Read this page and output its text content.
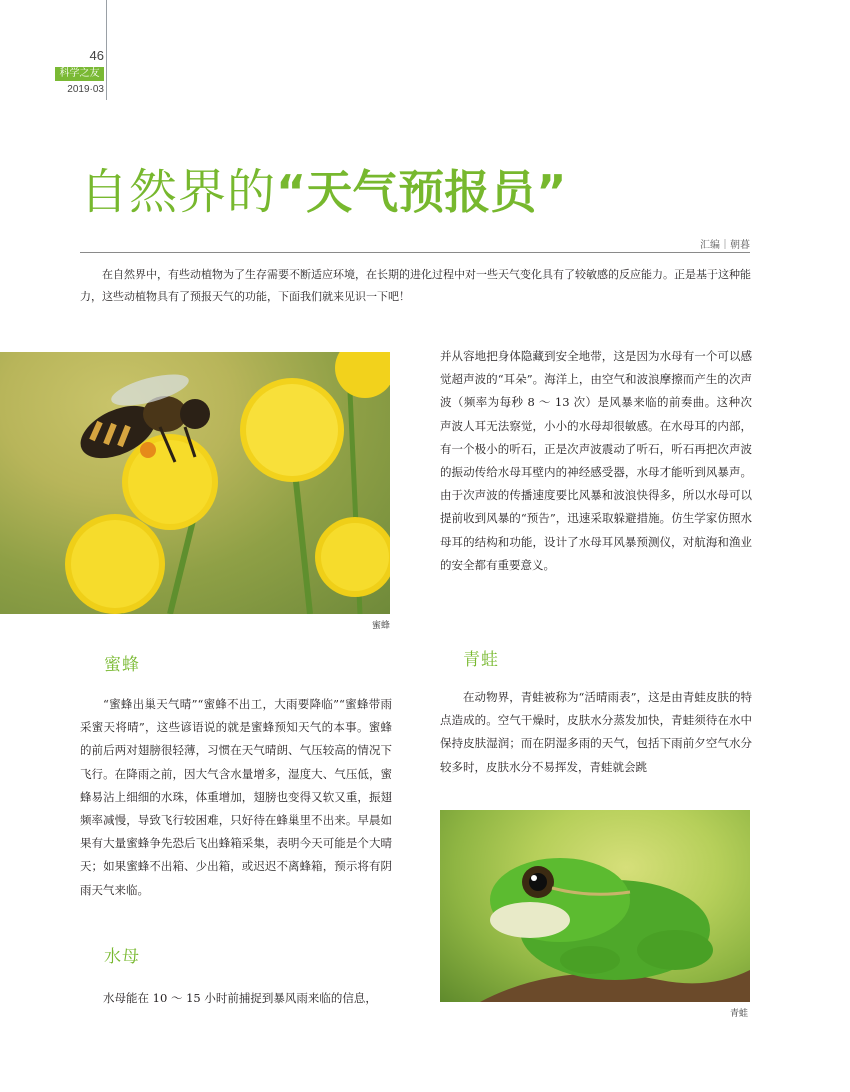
46
科学之友
2019·03
自然界的“天气预报员”
汇编｜朝暮

在自然界中，有些动植物为了生存需要不断适应环境，在长期的进化过程中对一些天气变化具有了较敏感的反应能力。正是基于这种能力，这些动植物具有了预报天气的功能，下面我们就来见识一下吧！

蜜蜂
蜜蜂

“蜜蜂出巢天气晴”“蜜蜂不出工，大雨要降临”“蜜蜂带雨采蜜天将晴”，这些谚语说的就是蜜蜂预知天气的本事。蜜蜂的前后两对翅膀很轻薄，习惯在天气晴朗、气压较高的情况下飞行。在降雨之前，因大气含水量增多，湿度大、气压低，蜜蜂易沾上细细的水珠，体重增加，翅膀也变得又软又重，振翅频率减慢，导致飞行较困难，只好待在蜂巢里不出来。早晨如果有大量蜜蜂争先恐后飞出蜂箱采集，表明今天可能是个大晴天；如果蜜蜂不出箱、少出箱，或迟迟不离蜂箱，预示将有阴雨天气来临。

水母

水母能在 10 ～ 15 小时前捕捉到暴风雨来临的信息，

并从容地把身体隐藏到安全地带，这是因为水母有一个可以感觉超声波的“耳朵”。海洋上，由空气和波浪摩擦而产生的次声波（频率为每秒 8 ～ 13 次）是风暴来临的前奏曲。这种次声波人耳无法察觉，小小的水母却很敏感。在水母耳的内部，有一个极小的听石，正是次声波震动了听石，听石再把次声波的振动传给水母耳壁内的神经感受器，水母才能听到风暴声。由于次声波的传播速度要比风暴和波浪快得多，所以水母可以提前收到风暴的“预告”，迅速采取躲避措施。仿生学家仿照水母耳的结构和功能，设计了水母耳风暴预测仪，对航海和渔业的安全都有重要意义。

青蛙

在动物界，青蛙被称为“活晴雨表”，这是由青蛙皮肤的特点造成的。空气干燥时，皮肤水分蒸发加快，青蛙须待在水中保持皮肤湿润；而在阴湿多雨的天气，包括下雨前夕空气水分较多时，皮肤水分不易挥发，青蛙就会跳

青蛙
